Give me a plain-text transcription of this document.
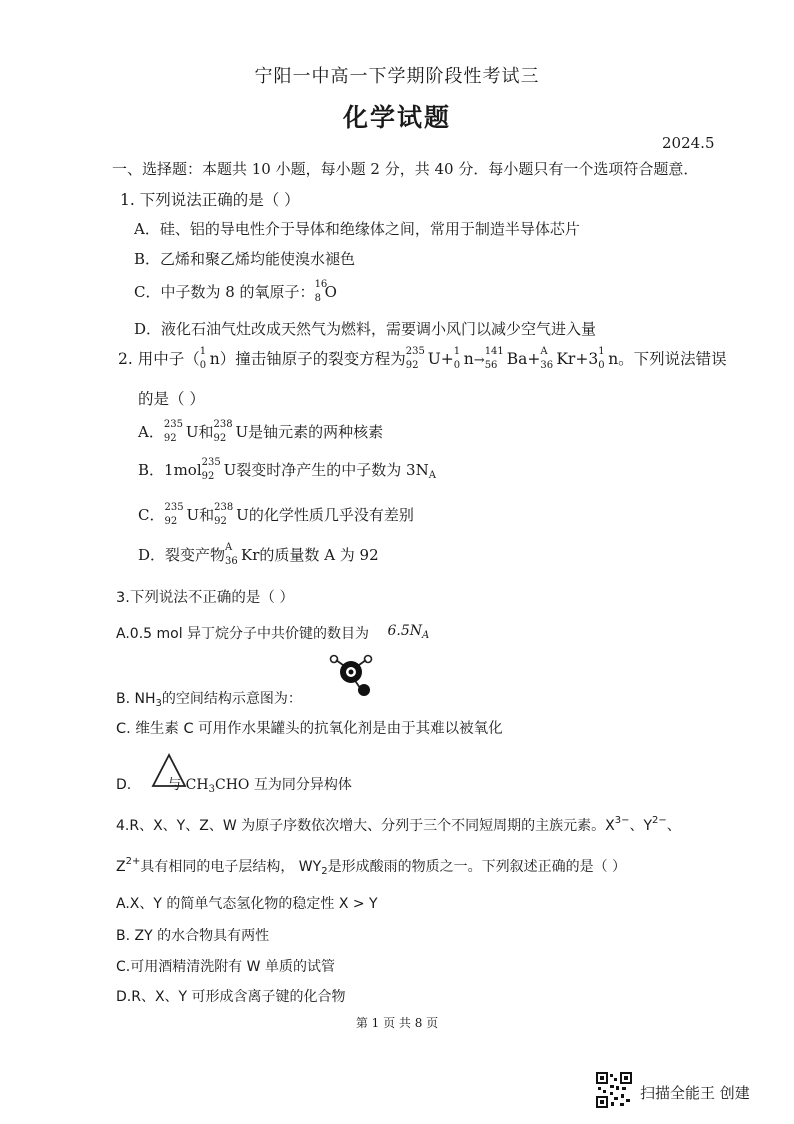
宁阳一中高一下学期阶段性考试三
化学试题
2024.5
一、选择题：本题共 10 小题，每小题 2 分，共 40 分．每小题只有一个选项符合题意．
1. 下列说法正确的是（ ）
A．硅、铝的导电性介于导体和绝缘体之间，常用于制造半导体芯片
B．乙烯和聚乙烯均能使溴水褪色
C．中子数为 8 的氧原子： 16
8 O
D．液化石油气灶改成天然气为燃料，需要调小风门以减少空气进入量
2. 用中子（ 1
0 n）撞击铀原子的裂变方程为 235
92 U+ 1
0 n→
141
56 Ba+ A
36 Kr+3 1
0 n。下列说法错误
的是（ ）
A． 235
92 U和 238
92 U是铀元素的两种核素
B．1mol 235
92 U裂变时净产生的中子数为 $3N_A$
C． 235
92 U和 238
92 U的化学性质几乎没有差别
D．裂变产物 A
36 Kr的质量数 A 为 92
3.下列说法不正确的是（ ）
A.0.5 mol 异丁烷分子中共价键的数目为 $6.5N_A$
B. $NH_3$的空间结构示意图为：
C. 维生素 C 可用作水果罐头的抗氧化剂是由于其难以被氧化
D.	与 $CH_3CHO$ 互为同分异构体
4.R、X、Y、Z、W 为原子序数依次增大、分列于三个不同短周期的主族元素。$X^{3-}$、$Y^{2-}$、
$Z^{2+}$具有相同的电子层结构， $WY_2$是形成酸雨的物质之一。下列叙述正确的是（ ）
A.X、Y 的简单气态氢化物的稳定性 X > Y
B. ZY 的水合物具有两性
C.可用酒精清洗附有 W 单质的试管
D.R、X、Y 可形成含离子键的化合物
第 1 页 共 8 页
扫描全能王 创建
